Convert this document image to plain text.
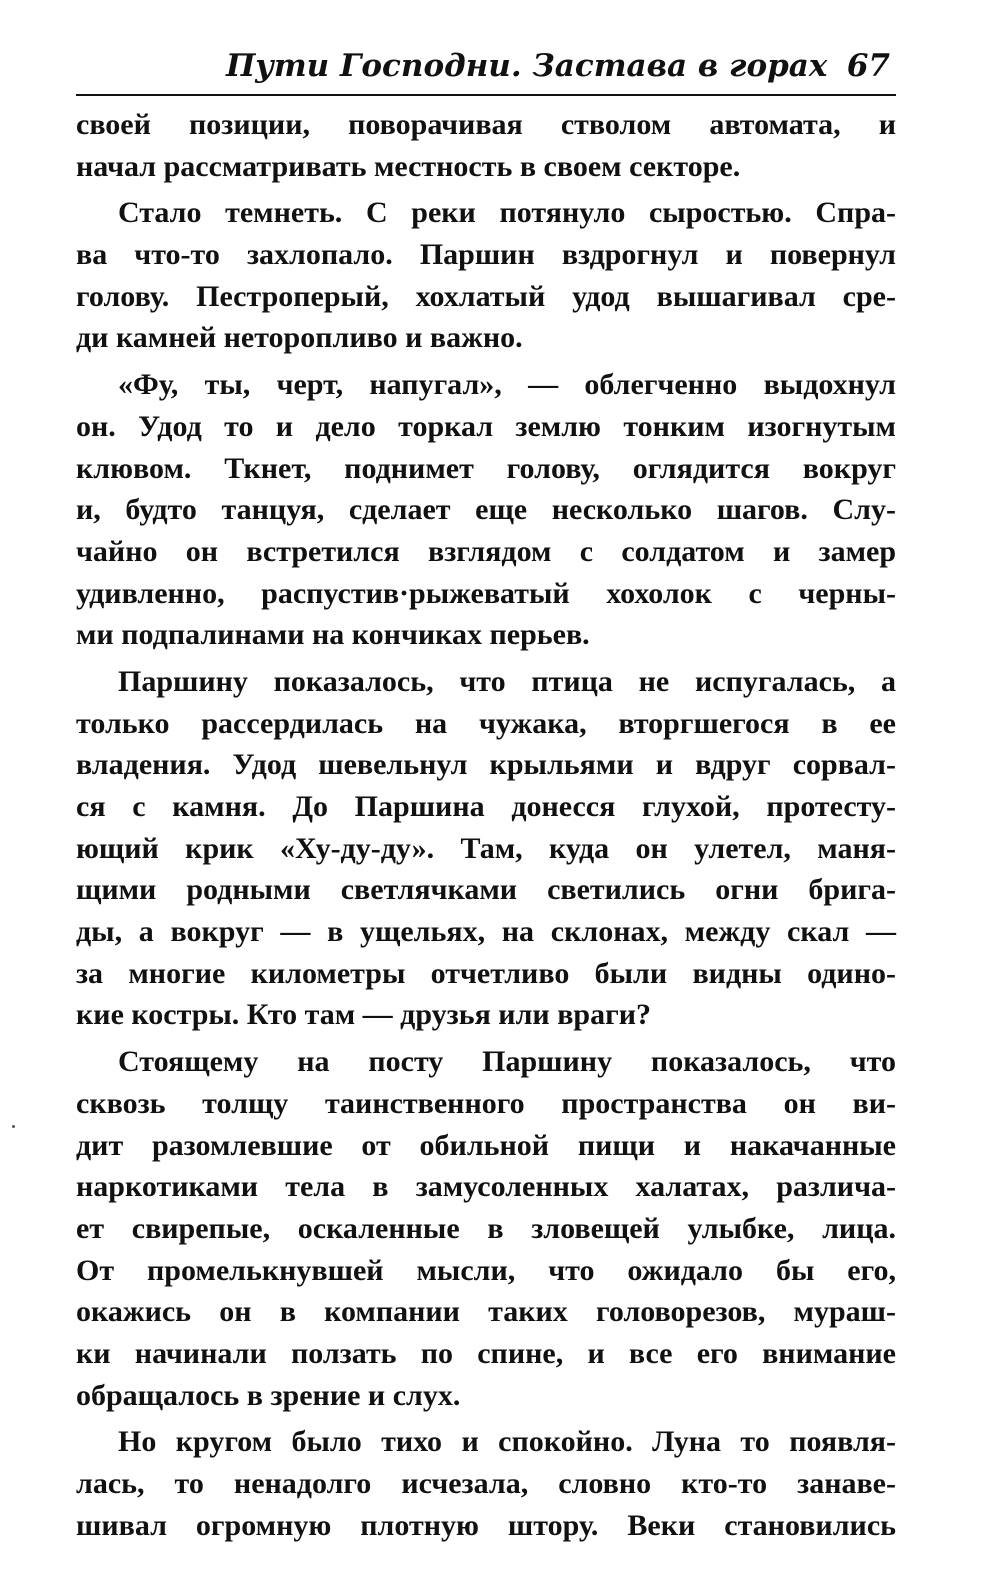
Пути Господни. Застава в горах 67
своей позиции, поворачивая стволом автомата, и
начал рассматривать местность в своем секторе.
Стало темнеть. С реки потянуло сыростью. Спра-
ва что-то захлопало. Паршин вздрогнул и повернул
голову. Пестроперый, хохлатый удод вышагивал сре-
ди камней неторопливо и важно.
«Фу, ты, черт, напугал», — облегченно выдохнул
он. Удод то и дело торкал землю тонким изогнутым
клювом. Ткнет, поднимет голову, оглядится вокруг
и, будто танцуя, сделает еще несколько шагов. Слу-
чайно он встретился взглядом с солдатом и замер
удивленно, распустив·рыжеватый хохолок с черны-
ми подпалинами на кончиках перьев.
Паршину показалось, что птица не испугалась, а
только рассердилась на чужака, вторгшегося в ее
владения. Удод шевельнул крыльями и вдруг сорвал-
ся с камня. До Паршина донесся глухой, протесту-
ющий крик «Ху-ду-ду». Там, куда он улетел, маня-
щими родными светлячками светились огни брига-
ды, а вокруг — в ущельях, на склонах, между скал —
за многие километры отчетливо были видны одино-
кие костры. Кто там — друзья или враги?
Стоящему на посту Паршину показалось, что
сквозь толщу таинственного пространства он ви-
дит разомлевшие от обильной пищи и накачанные
наркотиками тела в замусоленных халатах, различа-
ет свирепые, оскаленные в зловещей улыбке, лица.
От промелькнувшей мысли, что ожидало бы его,
окажись он в компании таких головорезов, мураш-
ки начинали ползать по спине, и все его внимание
обращалось в зрение и слух.
Но кругом было тихо и спокойно. Луна то появля-
лась, то ненадолго исчезала, словно кто-то занаве-
шивал огромную плотную штору. Веки становились
